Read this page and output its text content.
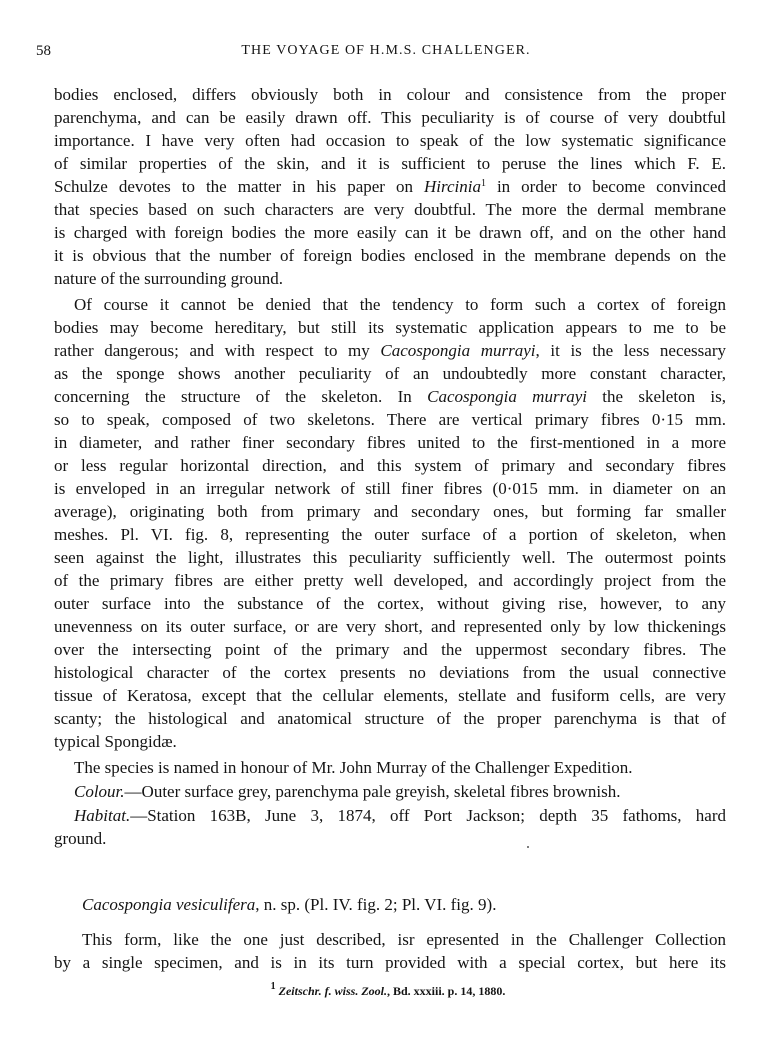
58	THE VOYAGE OF H.M.S. CHALLENGER.
bodies enclosed, differs obviously both in colour and consistence from the proper
parenchyma, and can be easily drawn off. This peculiarity is of course of very doubtful
importance. I have very often had occasion to speak of the low systematic significance
of similar properties of the skin, and it is sufficient to peruse the lines which F. E.
Schulze devotes to the matter in his paper on Hircinia$^1$ in order to become convinced
that species based on such characters are very doubtful. The more the dermal membrane
is charged with foreign bodies the more easily can it be drawn off, and on the other hand
it is obvious that the number of foreign bodies enclosed in the membrane depends on the
nature of the surrounding ground.
Of course it cannot be denied that the tendency to form such a cortex of foreign
bodies may become hereditary, but still its systematic application appears to me to be
rather dangerous; and with respect to my Cacospongia murrayi, it is the less necessary
as the sponge shows another peculiarity of an undoubtedly more constant character,
concerning the structure of the skeleton. In Cacospongia murrayi the skeleton is,
so to speak, composed of two skeletons. There are vertical primary fibres 0·15 mm.
in diameter, and rather finer secondary fibres united to the first-mentioned in a more
or less regular horizontal direction, and this system of primary and secondary fibres
is enveloped in an irregular network of still finer fibres (0·015 mm. in diameter on an
average), originating both from primary and secondary ones, but forming far smaller
meshes. Pl. VI. fig. 8, representing the outer surface of a portion of skeleton, when
seen against the light, illustrates this peculiarity sufficiently well. The outermost points
of the primary fibres are either pretty well developed, and accordingly project from the
outer surface into the substance of the cortex, without giving rise, however, to any
unevenness on its outer surface, or are very short, and represented only by low thickenings
over the intersecting point of the primary and the uppermost secondary fibres. The
histological character of the cortex presents no deviations from the usual connective
tissue of Keratosa, except that the cellular elements, stellate and fusiform cells, are very
scanty; the histological and anatomical structure of the proper parenchyma is that of
typical Spongidæ.
The species is named in honour of Mr. John Murray of the Challenger Expedition.
Colour.—Outer surface grey, parenchyma pale greyish, skeletal fibres brownish.
Habitat.—Station 163B, June 3, 1874, off Port Jackson; depth 35 fathoms, hard
ground.
Cacospongia vesiculifera, n. sp. (Pl. IV. fig. 2; Pl. VI. fig. 9).
This form, like the one just described, isr epresented in the Challenger Collection
by a single specimen, and is in its turn provided with a special cortex, but here its
$^1$ Zeitschr. f. wiss. Zool., Bd. xxxiii. p. 14, 1880.
